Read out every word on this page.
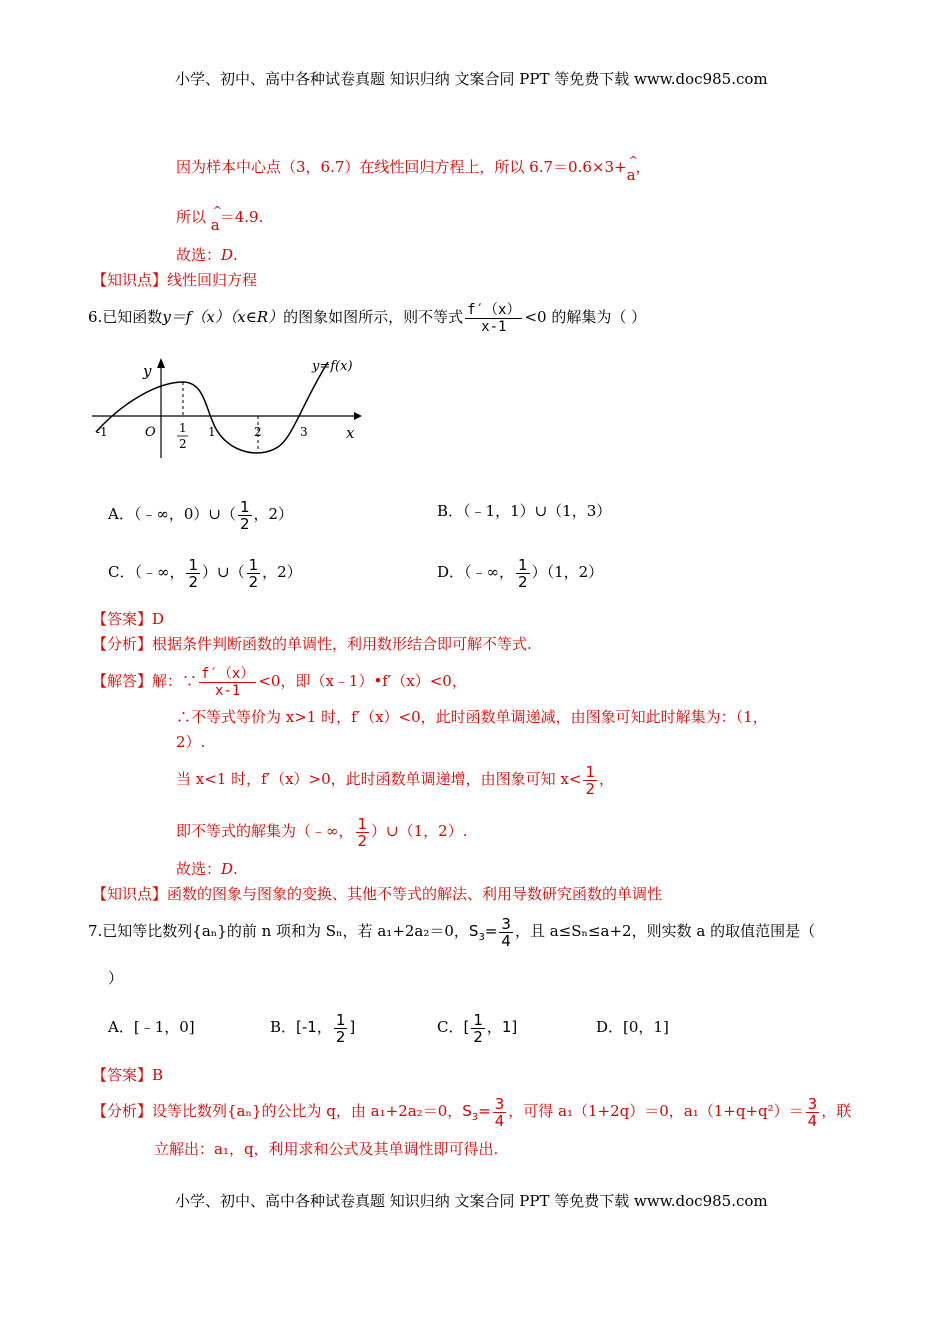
小学、初中、高中各种试卷真题 知识归纳 文案合同 PPT 等免费下载 www.doc985.com
因为样本中心点（3，6.7）在线性回归方程上，所以 6.7＝0.6×3+^ a，
所以 ^ a＝4.9.
故选：D.
【知识点】线性回归方程
6.已知函数y＝f（x）（x∈R）的图象如图所示，则不等式 $\frac{f'(x)}{x-1} <0$ 的解集为（ ）
y
x
O
-1	1
2
1	2	3
y=f(x)
A．（﹣∞，0）∪（ $\frac{1}{2}$ ，2）	B．（﹣1，1）∪（1，3）
C．（﹣∞， $\frac{1}{2}$ ）∪（ $\frac{1}{2}$ ，2）	D．（﹣∞， $\frac{1}{2} )(1$，2）
【答案】D
【分析】根据条件判断函数的单调性，利用数形结合即可解不等式.
【解答】解：∵ $\frac{f'(x)}{x-1} <0$，即（x﹣1）•f′（x）<0，
∴不等式等价为 x>1 时，f′（x）<0，此时函数单调递减，由图象可知此时解集为：（1，
2）.
当 x<1 时，f′（x）>0，此时函数单调递增，由图象可知 $x< \frac{1}{2}$ ，
即不等式的解集为（﹣∞， $\frac{1}{2}$ ）∪（1，2）.
故选：D.
【知识点】函数的图象与图象的变换、其他不等式的解法、利用导数研究函数的单调性
7.已知等比数列{aₙ}的前 n 项和为 Sₙ，若 a₁+2a₂＝0，$S_3= \frac{3}{4}$ ，且 a≤Sₙ≤a+2，则实数 a 的取值范围是（
）
A．[﹣1，0]	B．[-1， $\frac{1}{2}$ ]	C．[ $\frac{1}{2}$ ，1]	D．[0，1]
【答案】B
【分析】设等比数列{aₙ}的公比为 q，由 a₁+2a₂＝0，$S_3= \frac{3}{4}$ ，可得 a₁（1+2q）＝0，$a_1(1+q+q^2)= \frac{3}{4}$ ，联
立解出：a₁，q，利用求和公式及其单调性即可得出.
小学、初中、高中各种试卷真题 知识归纳 文案合同 PPT 等免费下载 www.doc985.com
